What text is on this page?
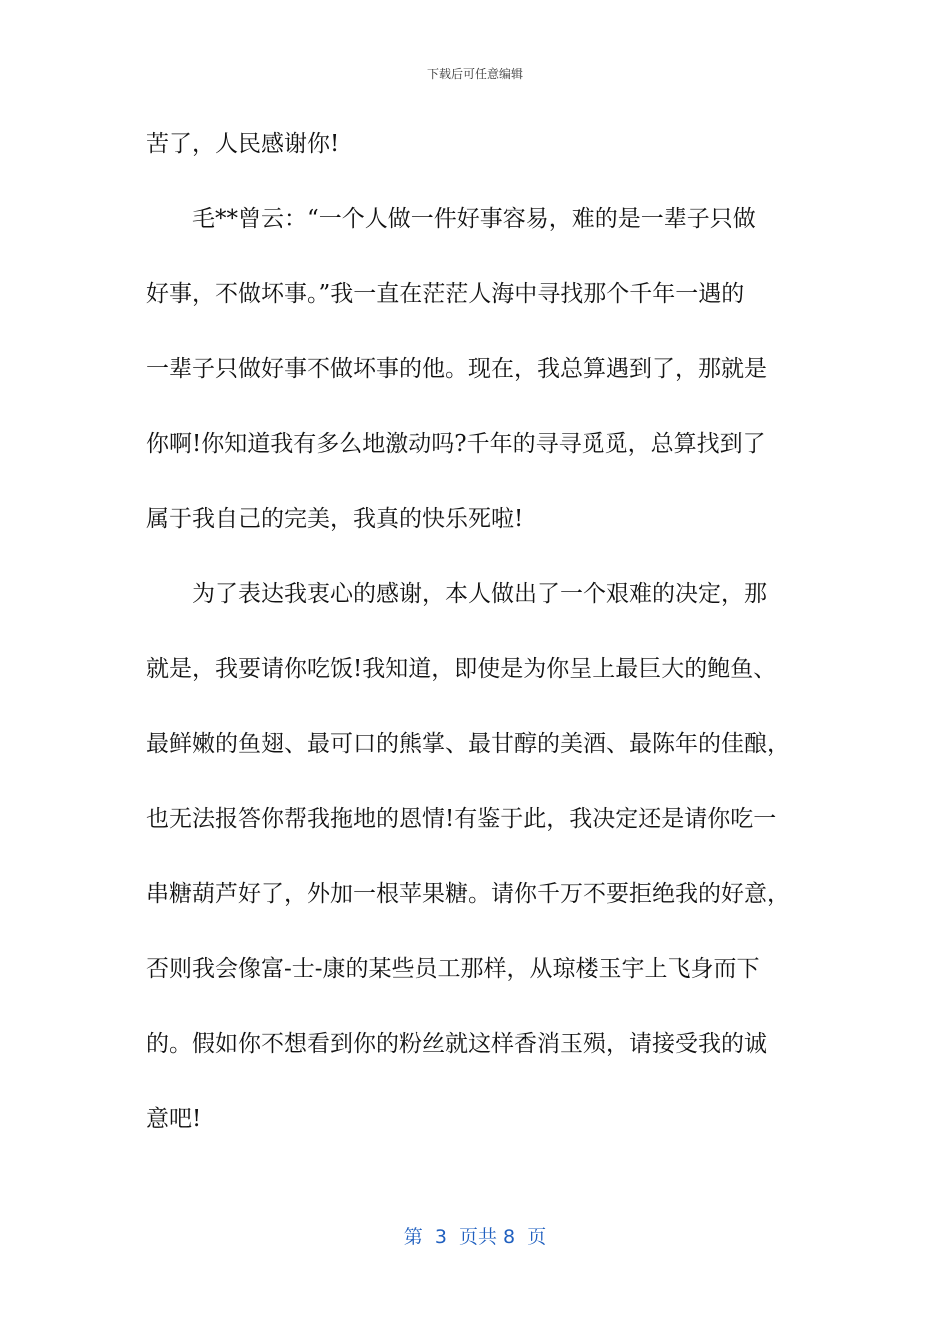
下载后可任意编辑
苦了，人民感谢你!
毛**曾云：“一个人做一件好事容易，难的是一辈子只做
好事，不做坏事。”我一直在茫茫人海中寻找那个千年一遇的
一辈子只做好事不做坏事的他。现在，我总算遇到了，那就是
你啊!你知道我有多么地激动吗?千年的寻寻觅觅，总算找到了
属于我自己的完美，我真的快乐死啦!
为了表达我衷心的感谢，本人做出了一个艰难的决定，那
就是，我要请你吃饭!我知道，即使是为你呈上最巨大的鲍鱼、
最鲜嫩的鱼翅、最可口的熊掌、最甘醇的美酒、最陈年的佳酿，
也无法报答你帮我拖地的恩情!有鉴于此，我决定还是请你吃一
串糖葫芦好了，外加一根苹果糖。请你千万不要拒绝我的好意，
否则我会像富-士-康的某些员工那样，从琼楼玉宇上飞身而下
的。假如你不想看到你的粉丝就这样香消玉殒，请接受我的诚
意吧!
第  3  页共 8  页
